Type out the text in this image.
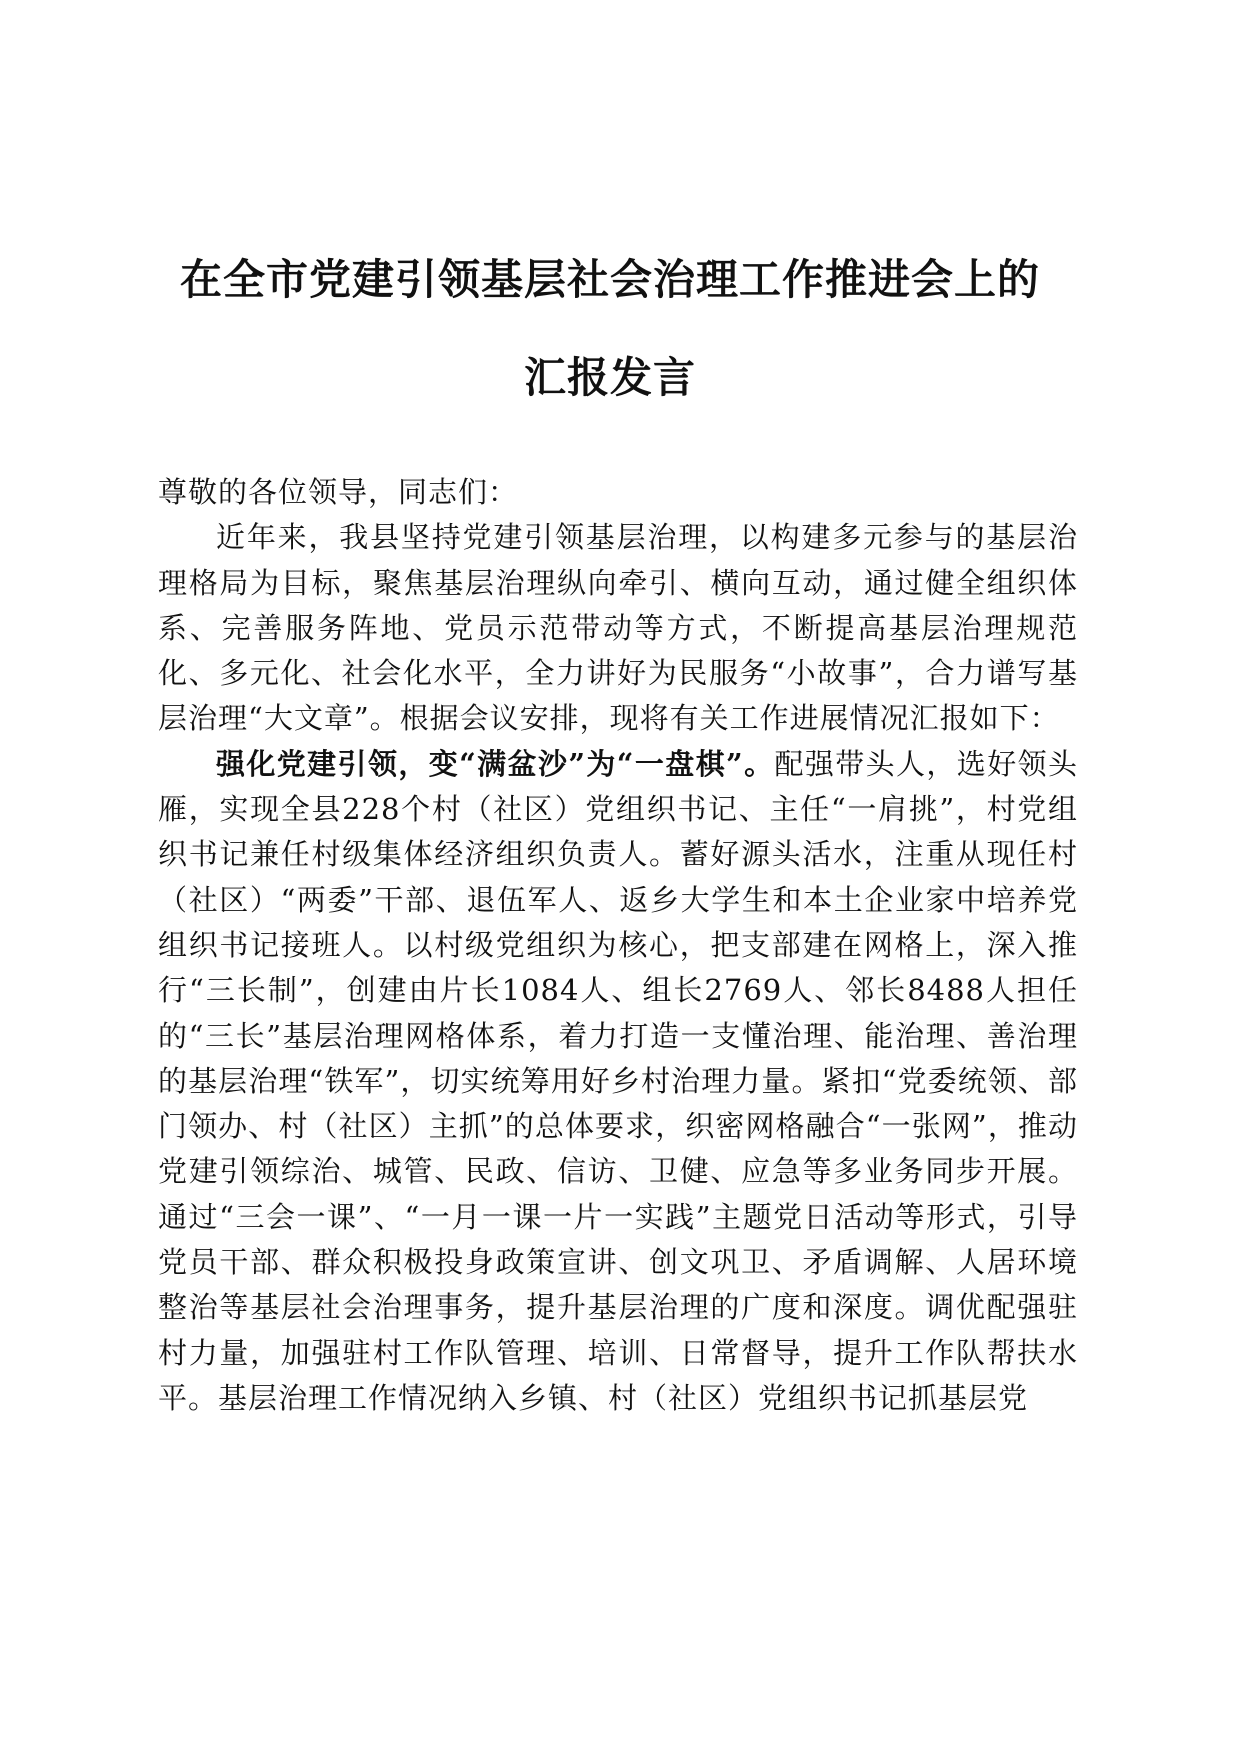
在全市党建引领基层社会治理工作推进会上的
汇报发言

尊敬的各位领导，同志们：

近年来，我县坚持党建引领基层治理，以构建多元参与的基层治理格局为目标，聚焦基层治理纵向牵引、横向互动，通过健全组织体系、完善服务阵地、党员示范带动等方式，不断提高基层治理规范化、多元化、社会化水平，全力讲好为民服务“小故事”，合力谱写基层治理“大文章”。根据会议安排，现将有关工作进展情况汇报如下：

强化党建引领，变“满盆沙”为“一盘棋”。配强带头人，选好领头雁，实现全县228个村（社区）党组织书记、主任“一肩挑”，村党组织书记兼任村级集体经济组织负责人。蓄好源头活水，注重从现任村（社区）“两委”干部、退伍军人、返乡大学生和本土企业家中培养党组织书记接班人。以村级党组织为核心，把支部建在网格上，深入推行“三长制”，创建由片长1084人、组长2769人、邻长8488人担任的“三长”基层治理网格体系，着力打造一支懂治理、能治理、善治理的基层治理“铁军”，切实统筹用好乡村治理力量。紧扣“党委统领、部门领办、村（社区）主抓”的总体要求，织密网格融合“一张网”，推动党建引领综治、城管、民政、信访、卫健、应急等多业务同步开展。通过“三会一课”、“一月一课一片一实践”主题党日活动等形式，引导党员干部、群众积极投身政策宣讲、创文巩卫、矛盾调解、人居环境整治等基层社会治理事务，提升基层治理的广度和深度。调优配强驻村力量，加强驻村工作队管理、培训、日常督导，提升工作队帮扶水平。基层治理工作情况纳入乡镇、村（社区）党组织书记抓基层党
